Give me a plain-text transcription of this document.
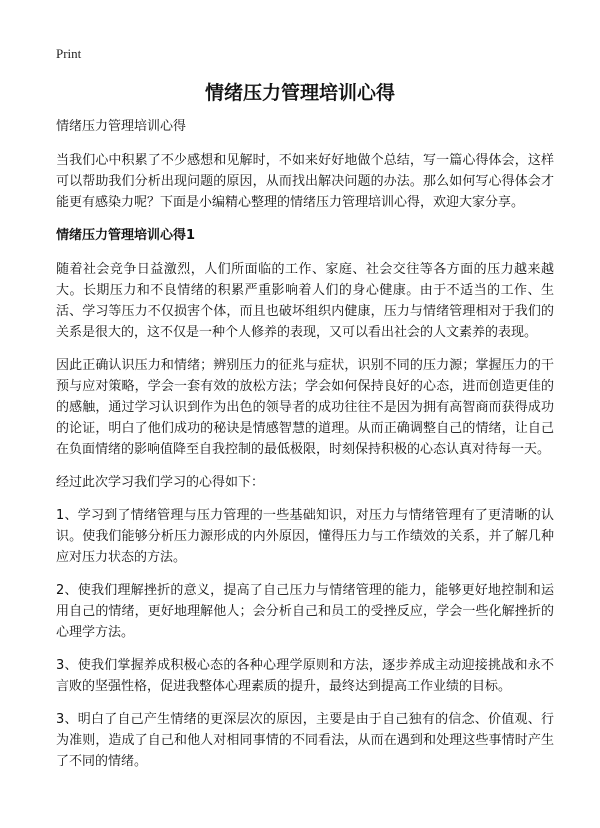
Print
情绪压力管理培训心得

情绪压力管理培训心得

当我们心中积累了不少感想和见解时，不如来好好地做个总结，写一篇心得体会，这样可以帮助我们分析出现问题的原因，从而找出解决问题的办法。那么如何写心得体会才能更有感染力呢？下面是小编精心整理的情绪压力管理培训心得，欢迎大家分享。

情绪压力管理培训心得1

随着社会竞争日益激烈，人们所面临的工作、家庭、社会交往等各方面的压力越来越大。长期压力和不良情绪的积累严重影响着人们的身心健康。由于不适当的工作、生活、学习等压力不仅损害个体，而且也破坏组织内健康，压力与情绪管理相对于我们的关系是很大的，这不仅是一种个人修养的表现，又可以看出社会的人文素养的表现。

因此正确认识压力和情绪；辨别压力的征兆与症状，识别不同的压力源；掌握压力的干预与应对策略，学会一套有效的放松方法；学会如何保持良好的心态，进而创造更佳的的感触，通过学习认识到作为出色的领导者的成功往往不是因为拥有高智商而获得成功的论证，明白了他们成功的秘诀是情感智慧的道理。从而正确调整自己的情绪，让自己在负面情绪的影响值降至自我控制的最低极限，时刻保持积极的心态认真对待每一天。

经过此次学习我们学习的心得如下：

1、学习到了情绪管理与压力管理的一些基础知识，对压力与情绪管理有了更清晰的认识。使我们能够分析压力源形成的内外原因，懂得压力与工作绩效的关系，并了解几种应对压力状态的方法。

2、使我们理解挫折的意义，提高了自己压力与情绪管理的能力，能够更好地控制和运用自己的情绪，更好地理解他人；会分析自己和员工的受挫反应，学会一些化解挫折的心理学方法。

3、使我们掌握养成积极心态的各种心理学原则和方法，逐步养成主动迎接挑战和永不言败的坚强性格，促进我整体心理素质的提升，最终达到提高工作业绩的目标。

3、明白了自己产生情绪的更深层次的原因，主要是由于自己独有的信念、价值观、行为准则，造成了自己和他人对相同事情的不同看法，从而在遇到和处理这些事情时产生了不同的情绪。
